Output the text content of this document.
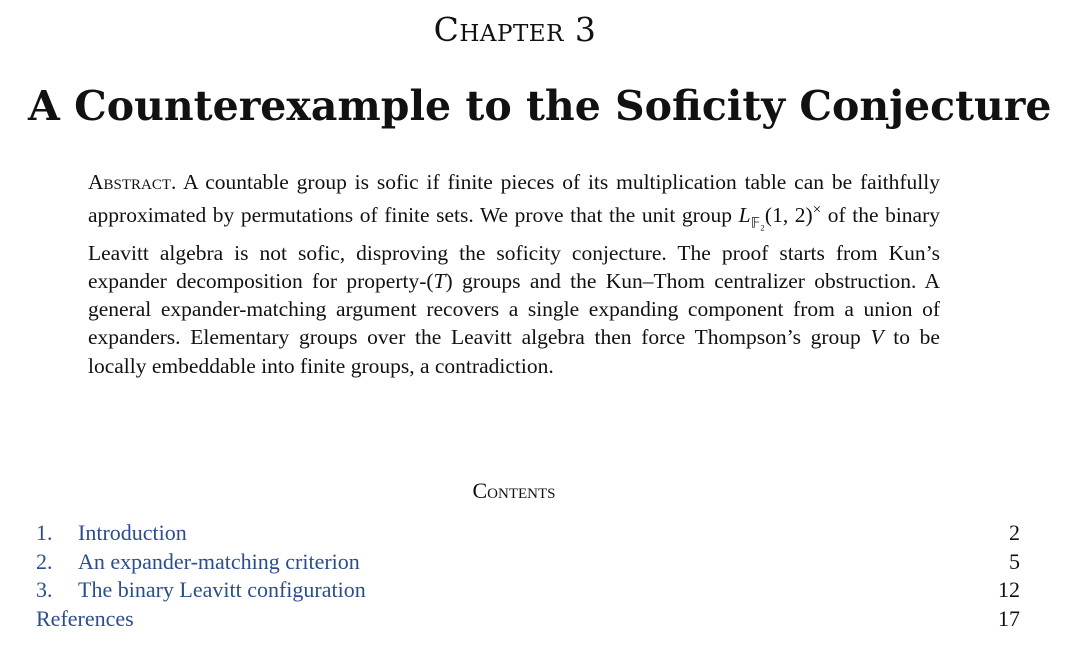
Chapter 3
A Counterexample to the Soficity Conjecture
Abstract. A countable group is sofic if finite pieces of its multiplication table can be faithfully approximated by permutations of finite sets. We prove that the unit group $L_{𝔽_2}(1$, 2)× of the binary Leavitt algebra is not sofic, disproving the soficity conjecture. The proof starts from Kun’s expander decomposition for property-(T) groups and the Kun–Thom centralizer obstruction. A general expander-matching argument recovers a single expanding component from a union of expanders. Elementary groups over the Leavitt algebra then force Thompson’s group V to be locally embeddable into finite groups, a contradiction.
Contents
1.	Introduction	2
2.	An expander-matching criterion	5
3.	The binary Leavitt configuration	12
References	17
